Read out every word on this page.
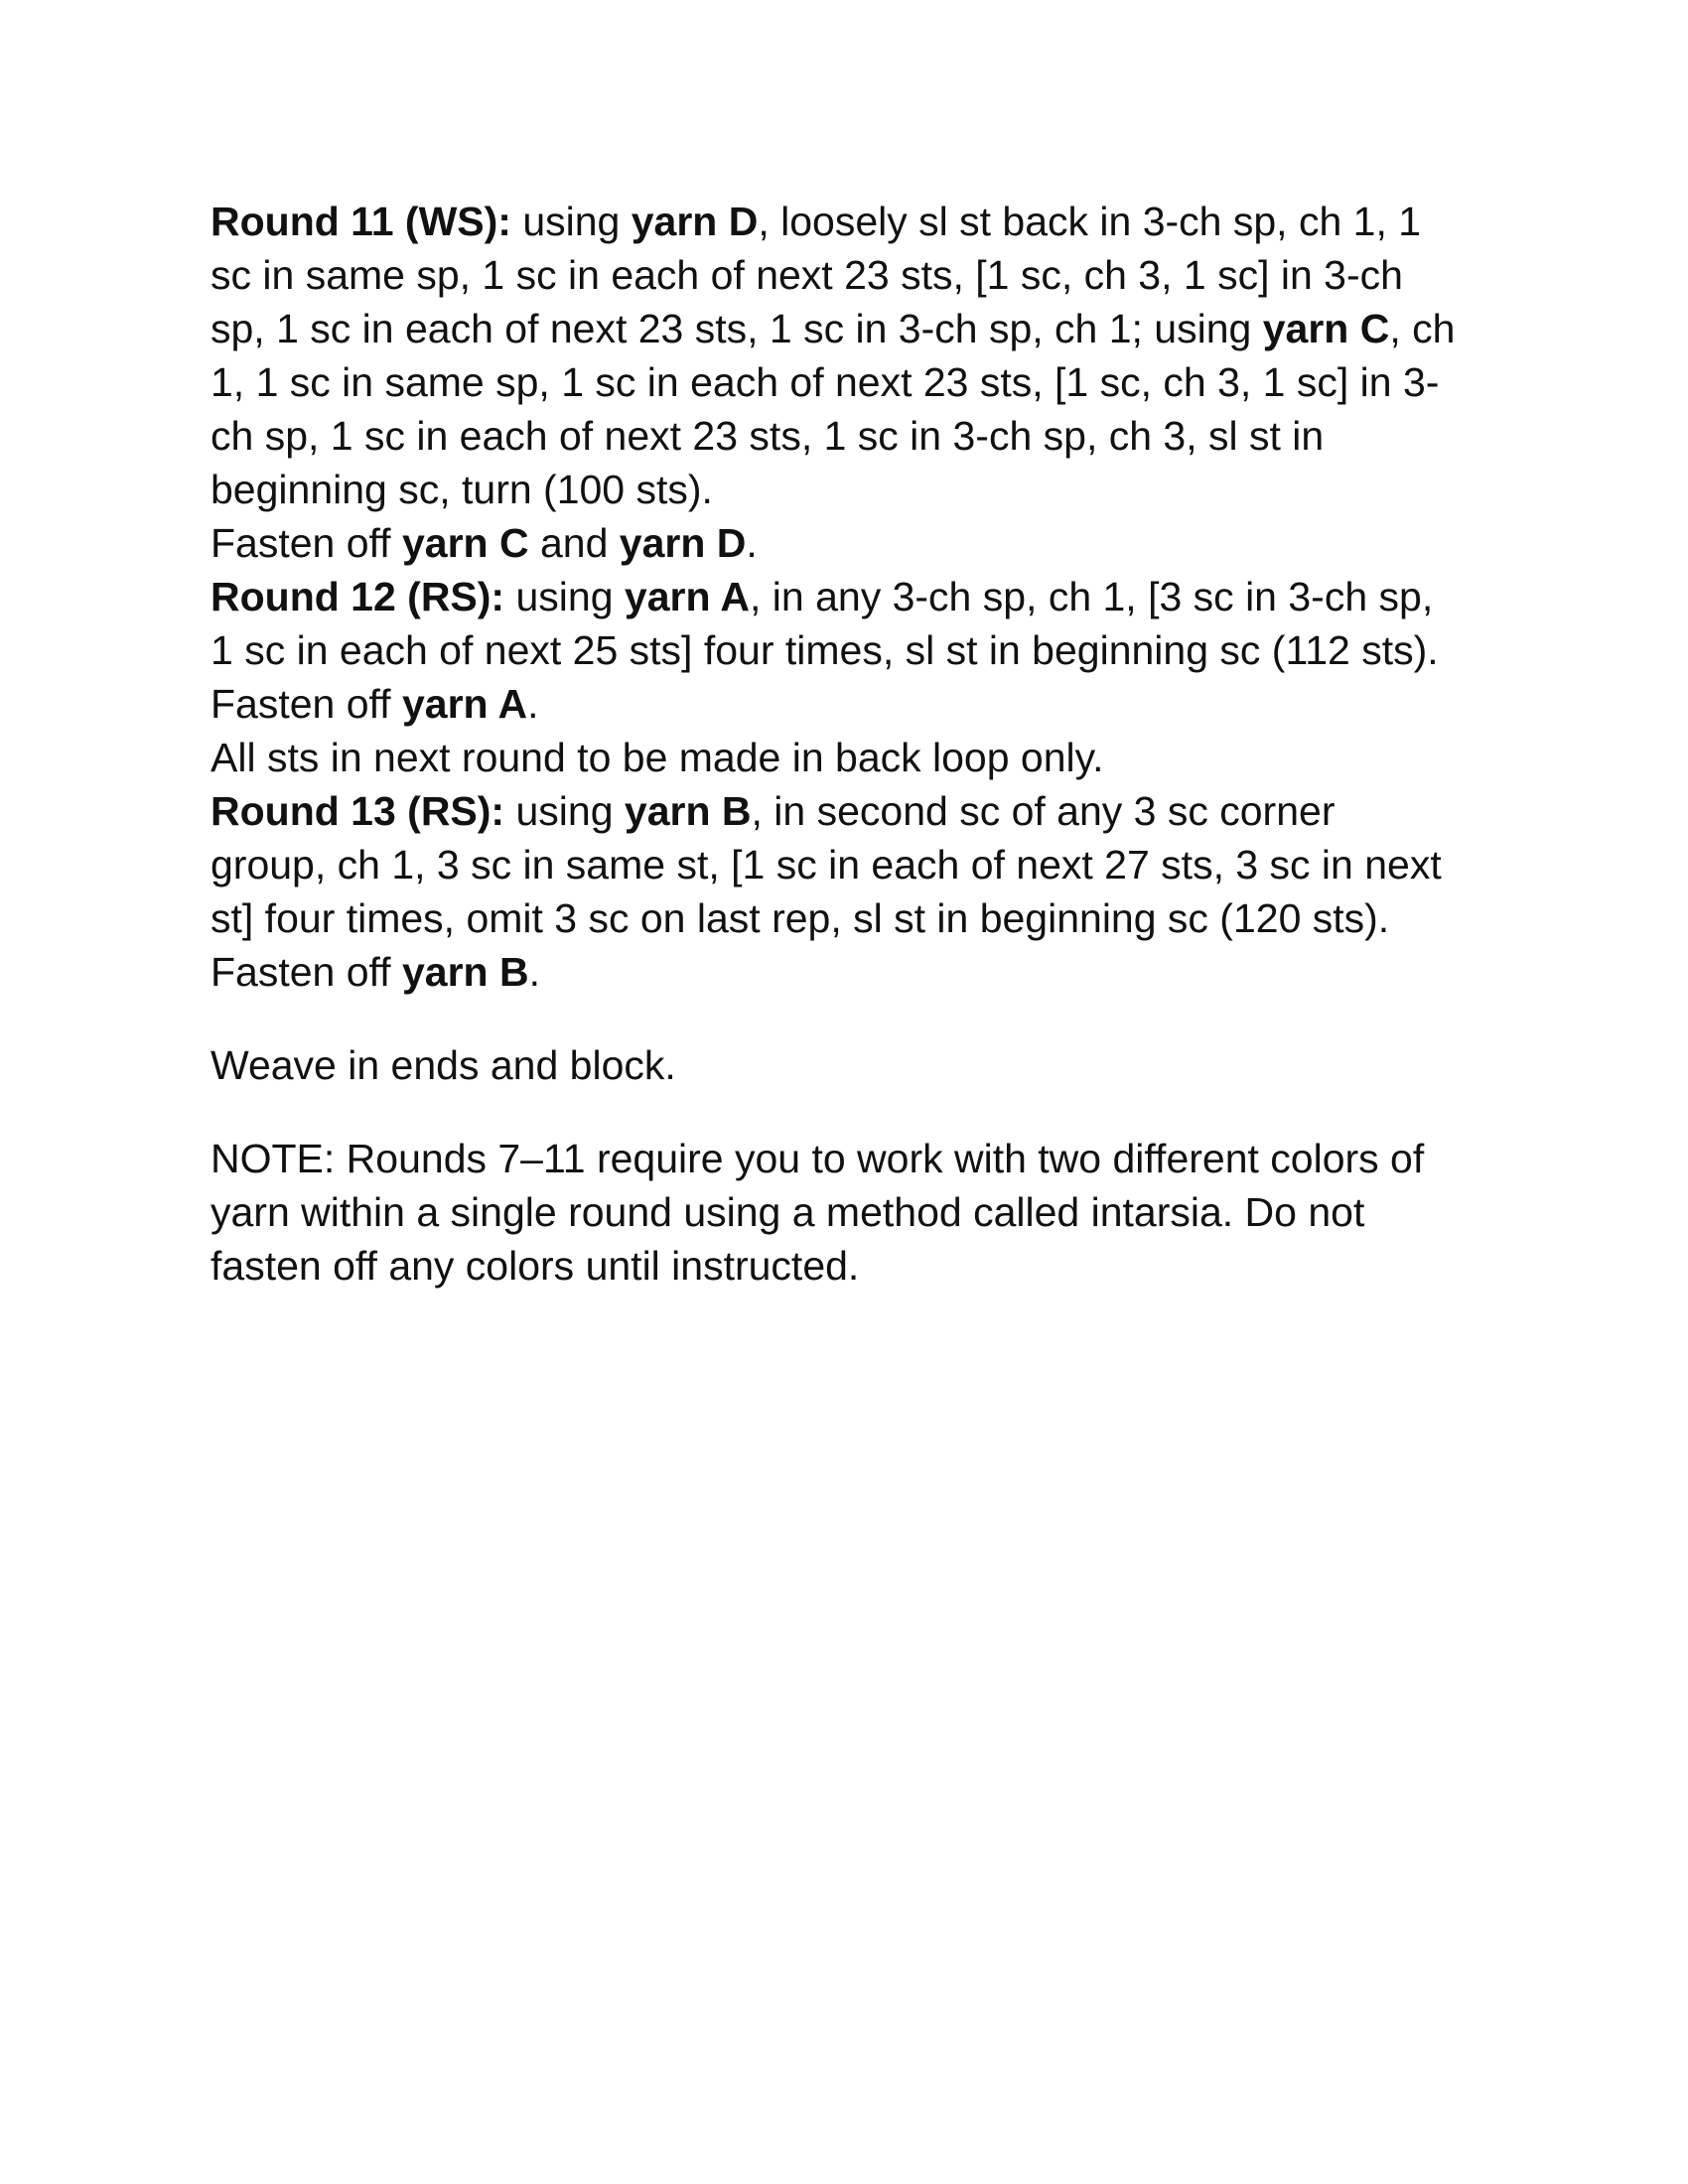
Round 11 (WS): using yarn D, loosely sl st back in 3-ch sp, ch 1, 1
sc in same sp, 1 sc in each of next 23 sts, [1 sc, ch 3, 1 sc] in 3-ch
sp, 1 sc in each of next 23 sts, 1 sc in 3-ch sp, ch 1; using yarn C, ch
1, 1 sc in same sp, 1 sc in each of next 23 sts, [1 sc, ch 3, 1 sc] in 3-
ch sp, 1 sc in each of next 23 sts, 1 sc in 3-ch sp, ch 3, sl st in
beginning sc, turn (100 sts).
Fasten off yarn C and yarn D.
Round 12 (RS): using yarn A, in any 3-ch sp, ch 1, [3 sc in 3-ch sp,
1 sc in each of next 25 sts] four times, sl st in beginning sc (112 sts).
Fasten off yarn A.
All sts in next round to be made in back loop only.
Round 13 (RS): using yarn B, in second sc of any 3 sc corner
group, ch 1, 3 sc in same st, [1 sc in each of next 27 sts, 3 sc in next
st] four times, omit 3 sc on last rep, sl st in beginning sc (120 sts).
Fasten off yarn B.
Weave in ends and block.
NOTE: Rounds 7–11 require you to work with two different colors of
yarn within a single round using a method called intarsia. Do not
fasten off any colors until instructed.
